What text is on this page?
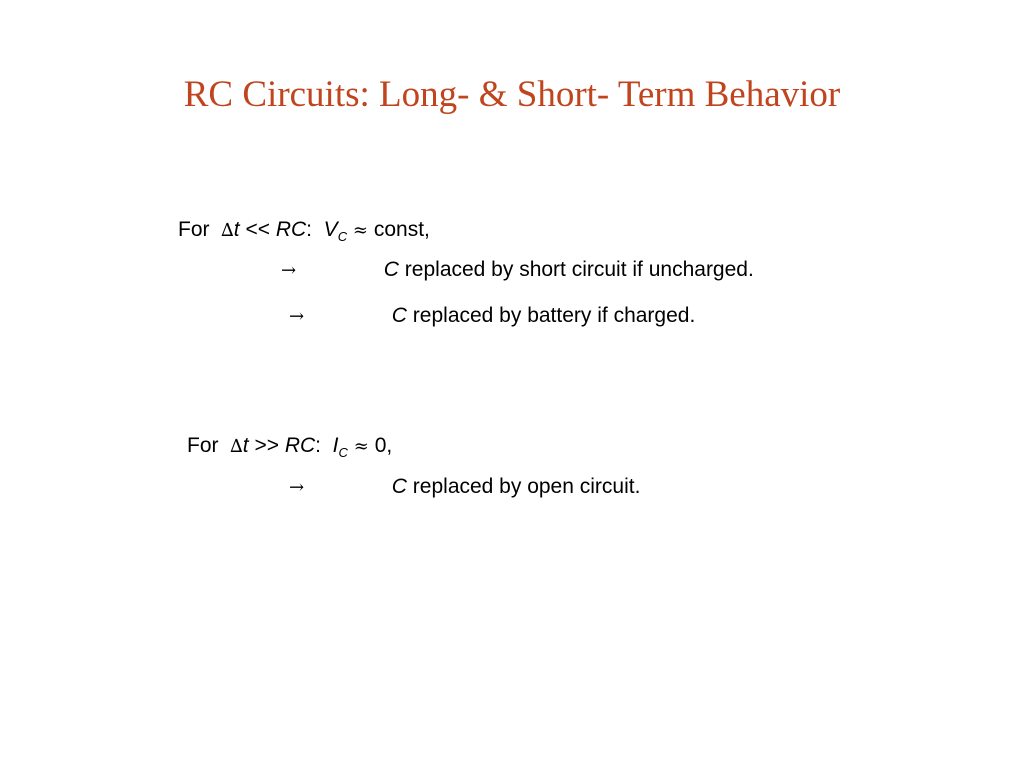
RC Circuits: Long- & Short- Term Behavior
For ∆t << RC: $V_C$ ≈ const,
→	C replaced by short circuit if uncharged.
→	C replaced by battery if charged.
For ∆t >> RC: $I_C \approx 0$,
→	C replaced by open circuit.
